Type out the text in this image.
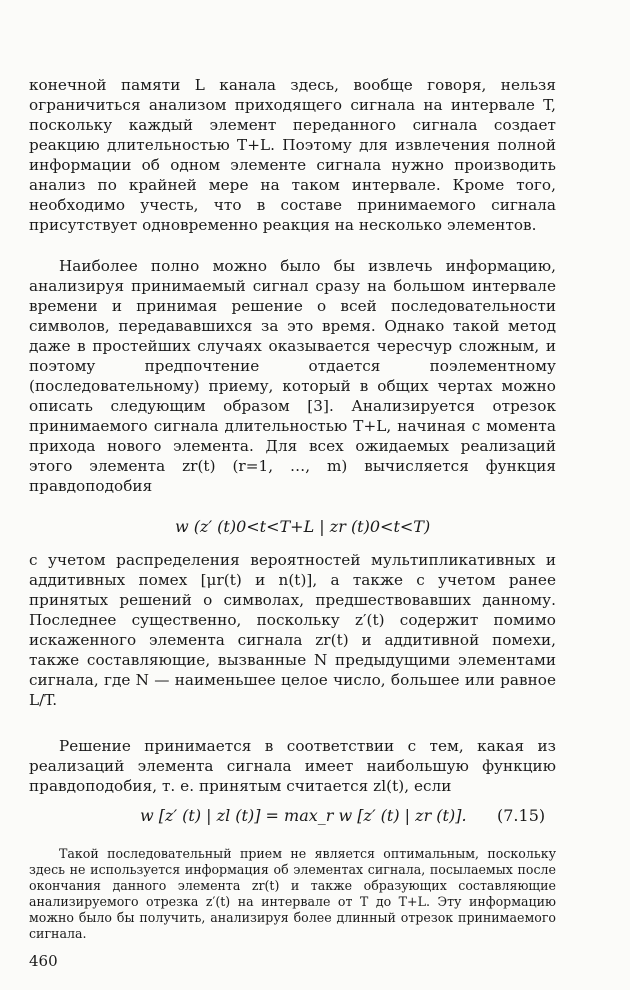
конечной памяти L канала здесь, вообще говоря, нельзя ограничиться анализом приходящего сигнала на интервале T, поскольку каждый элемент переданного сигнала создает реакцию длительностью T+L. Поэтому для извлечения полной информации об одном элементе сигнала нужно производить анализ по крайней мере на таком интервале. Кроме того, необходимо учесть, что в составе принимаемого сигнала присутствует одновременно реакция на несколько элементов.

Наиболее полно можно было бы извлечь информацию, анализируя принимаемый сигнал сразу на большом интервале времени и принимая решение о всей последовательности символов, передававшихся за это время. Однако такой метод даже в простейших случаях оказывается чересчур сложным, и поэтому предпочтение отдается поэлементному (последовательному) приему, который в общих чертах можно описать следующим образом [3]. Анализируется отрезок принимаемого сигнала длительностью T+L, начиная с момента прихода нового элемента. Для всех ожидаемых реализаций этого элемента zr(t) (r=1, …, m) вычисляется функция правдоподобия

w (z′ (t)0<t<T+L | zr (t)0<t<T)

с учетом распределения вероятностей мультипликативных и аддитивных помех [μr(t) и n(t)], а также с учетом ранее принятых решений о символах, предшествовавших данному. Последнее существенно, поскольку z′(t) содержит помимо искаженного элемента сигнала zr(t) и аддитивной помехи, также составляющие, вызванные N предыдущими элементами сигнала, где N — наименьшее целое число, большее или равное L/T.

Решение принимается в соответствии с тем, какая из реализаций элемента сигнала имеет наибольшую функцию правдоподобия, т. е. принятым считается zl(t), если

w [z′ (t) | zl (t)] = max_r w [z′ (t) | zr (t)]. (7.15)

Такой последовательный прием не является оптимальным, поскольку здесь не используется информация об элементах сигнала, посылаемых после окончания данного элемента zr(t) и также образующих составляющие анализируемого отрезка z′(t) на интервале от T до T+L. Эту информацию можно было бы получить, анализируя более длинный отрезок принимаемого сигнала.

460
